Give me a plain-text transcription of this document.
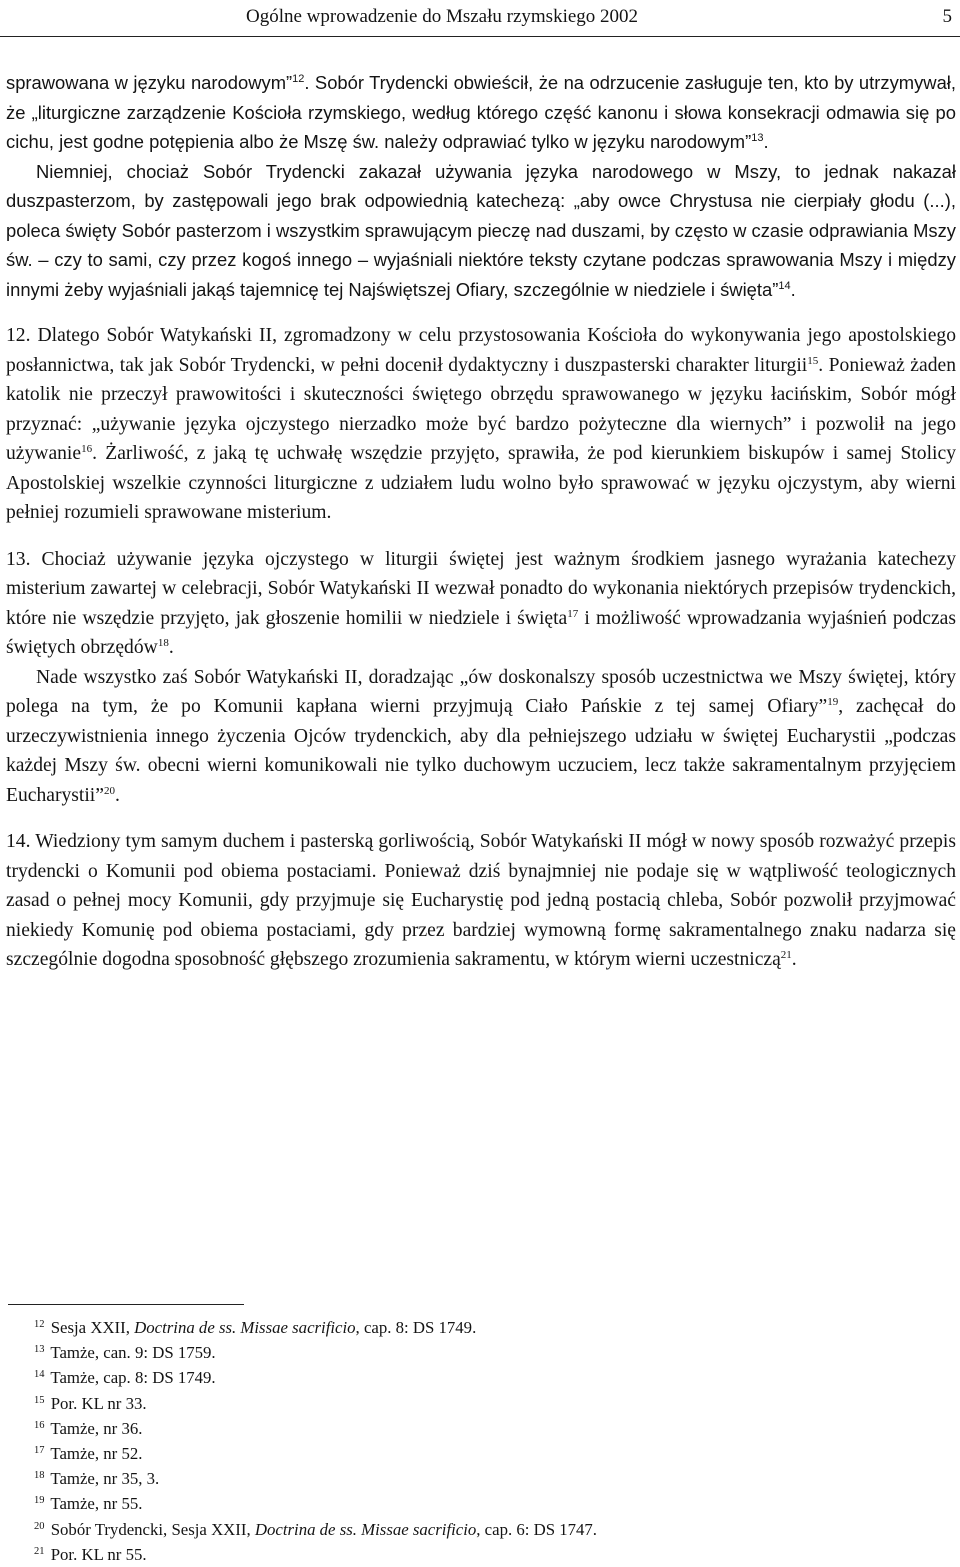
Ogólne wprowadzenie do Mszału rzymskiego 2002	5

sprawowana w języku narodowym”$^{12}$. Sobór Trydencki obwieścił, że na odrzucenie zasługuje ten, kto by utrzymywał, że „liturgiczne zarządzenie Kościoła rzymskiego, według którego część kanonu i słowa konsekracji odmawia się po cichu, jest godne potępienia albo że Mszę św. należy odprawiać tylko w języku narodowym”$^{13}$.

Niemniej, chociaż Sobór Trydencki zakazał używania języka narodowego w Mszy, to jednak nakazał duszpasterzom, by zastępowali jego brak odpowiednią katechezą: „aby owce Chrystusa nie cierpiały głodu (...), poleca święty Sobór pasterzom i wszystkim sprawującym pieczę nad duszami, by często w czasie odprawiania Mszy św. – czy to sami, czy przez kogoś innego – wyjaśniali niektóre teksty czytane podczas sprawowania Mszy i między innymi żeby wyjaśniali jakąś tajemnicę tej Najświętszej Ofiary, szczególnie w niedziele i święta”$^{14}$.

12. Dlatego Sobór Watykański II, zgromadzony w celu przystosowania Kościoła do wykonywania jego apostolskiego posłannictwa, tak jak Sobór Trydencki, w pełni docenił dydaktyczny i duszpasterski charakter liturgii$^{15}$. Ponieważ żaden katolik nie przeczył prawowitości i skuteczności świętego obrzędu sprawowanego w języku łacińskim, Sobór mógł przyznać: „używanie języka ojczystego nierzadko może być bardzo pożyteczne dla wiernych” i pozwolił na jego używanie$^{16}$. Żarliwość, z jaką tę uchwałę wszędzie przyjęto, sprawiła, że pod kierunkiem biskupów i samej Stolicy Apostolskiej wszelkie czynności liturgiczne z udziałem ludu wolno było sprawować w języku ojczystym, aby wierni pełniej rozumieli sprawowane misterium.

13. Chociaż używanie języka ojczystego w liturgii świętej jest ważnym środkiem jasnego wyrażania katechezy misterium zawartej w celebracji, Sobór Watykański II wezwał ponadto do wykonania niektórych przepisów trydenckich, które nie wszędzie przyjęto, jak głoszenie homilii w niedziele i święta$^{17}$ i możliwość wprowadzania wyjaśnień podczas świętych obrzędów$^{18}$.

Nade wszystko zaś Sobór Watykański II, doradzając „ów doskonalszy sposób uczestnictwa we Mszy świętej, który polega na tym, że po Komunii kapłana wierni przyjmują Ciało Pańskie z tej samej Ofiary”$^{19}$, zachęcał do urzeczywistnienia innego życzenia Ojców trydenckich, aby dla pełniejszego udziału w świętej Eucharystii „podczas każdej Mszy św. obecni wierni komunikowali nie tylko duchowym uczuciem, lecz także sakramentalnym przyjęciem Eucharystii”$^{20}$.

14. Wiedziony tym samym duchem i pasterską gorliwością, Sobór Watykański II mógł w nowy sposób rozważyć przepis trydencki o Komunii pod obiema postaciami. Ponieważ dziś bynajmniej nie podaje się w wątpliwość teologicznych zasad o pełnej mocy Komunii, gdy przyjmuje się Eucharystię pod jedną postacią chleba, Sobór pozwolił przyjmować niekiedy Komunię pod obiema postaciami, gdy przez bardziej wymowną formę sakramentalnego znaku nadarza się szczególnie dogodna sposobność głębszego zrozumienia sakramentu, w którym wierni uczestniczą$^{21}$.

$^{12}$ Sesja XXII, Doctrina de ss. Missae sacrificio, cap. 8: DS 1749.

$^{13}$ Tamże, can. 9: DS 1759.

$^{14}$ Tamże, cap. 8: DS 1749.

$^{15}$ Por. KL nr 33.

$^{16}$ Tamże, nr 36.

$^{17}$ Tamże, nr 52.

$^{18}$ Tamże, nr 35, 3.

$^{19}$ Tamże, nr 55.

$^{20}$ Sobór Trydencki, Sesja XXII, Doctrina de ss. Missae sacrificio, cap. 6: DS 1747.

$^{21}$ Por. KL nr 55.
